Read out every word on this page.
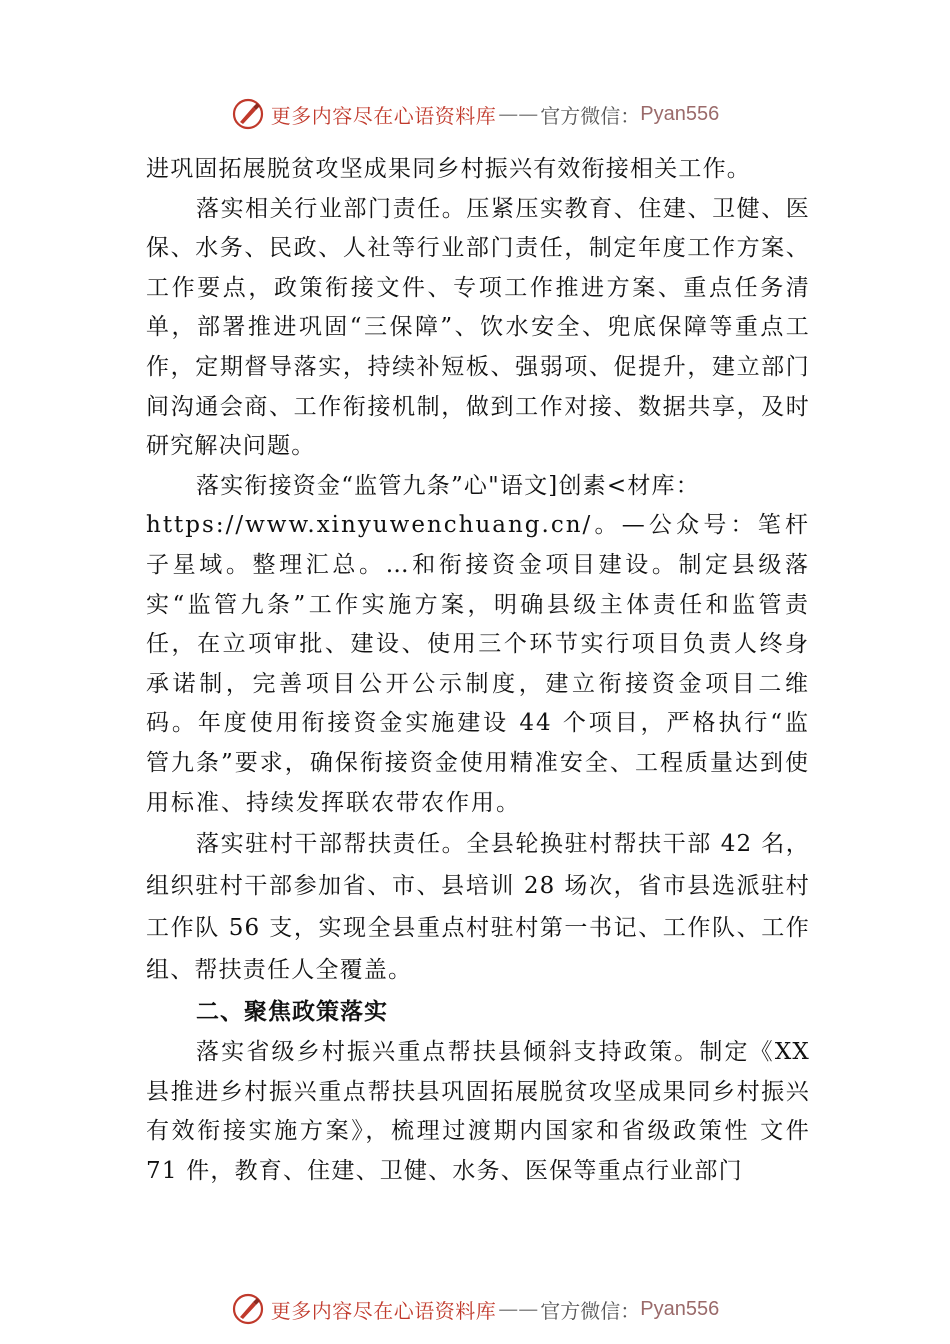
更多内容尽在心语资料库 —— 官方微信： Pyan556

进巩固拓展脱贫攻坚成果同乡村振兴有效衔接相关工作。

落实相关行业部门责任。压紧压实教育、住建、卫健、医保、水务、民政、人社等行业部门责任，制定年度工作方案、工作要点，政策衔接文件、专项工作推进方案、重点任务清单，部署推进巩固“三保障”、饮水安全、兜底保障等重点工作，定期督导落实，持续补短板、强弱项、促提升，建立部门间沟通会商、工作衔接机制，做到工作对接、数据共享，及时研究解决问题。

落实衔接资金“监管九条”心"语文]创素<材库：

https://www.xinyuwenchuang.cn/。—公众号：笔杆子星域。整理汇总。…和衔接资金项目建设。制定县级落实“监管九条”工作实施方案，明确县级主体责任和监管责任，在立项审批、建设、使用三个环节实行项目负责人终身承诺制，完善项目公开公示制度，建立衔接资金项目二维码。年度使用衔接资金实施建设 44 个项目，严格执行“监管九条”要求，确保衔接资金使用精准安全、工程质量达到使用标准、持续发挥联农带农作用。

落实驻村干部帮扶责任。全县轮换驻村帮扶干部 42 名，组织驻村干部参加省、市、县培训 28 场次，省市县选派驻村工作队 56 支，实现全县重点村驻村第一书记、工作队、工作组、帮扶责任人全覆盖。

二、聚焦政策落实

落实省级乡村振兴重点帮扶县倾斜支持政策。制定《XX县推进乡村振兴重点帮扶县巩固拓展脱贫攻坚成果同乡村振兴有效衔接实施方案》，梳理过渡期内国家和省级政策性 文件 71 件，教育、住建、卫健、水务、医保等重点行业部门

更多内容尽在心语资料库 —— 官方微信： Pyan556
